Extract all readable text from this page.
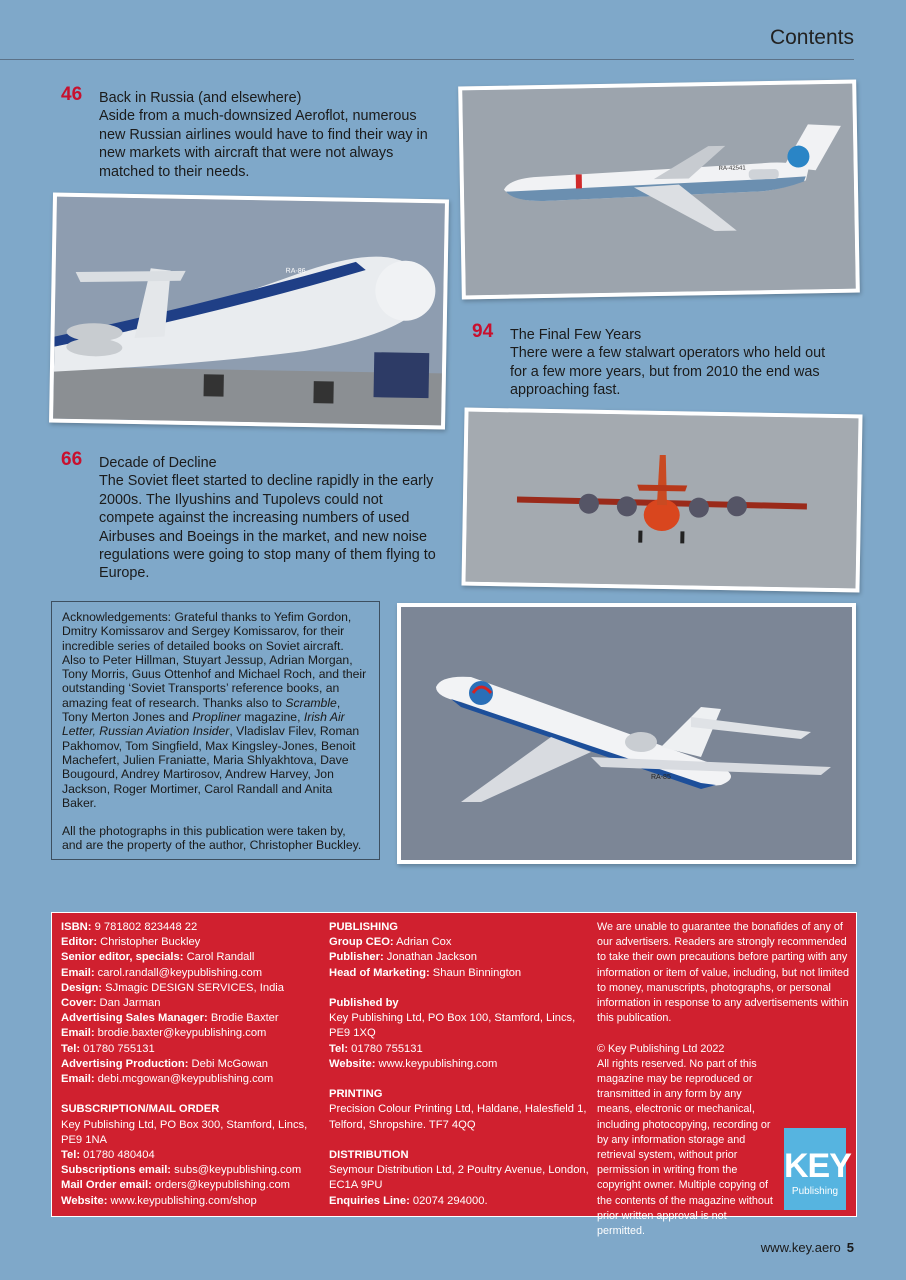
Contents
46 Back in Russia (and elsewhere)
Aside from a much-downsized Aeroflot, numerous new Russian airlines would have to find their way in new markets with aircraft that were not always matched to their needs.	RA-42541
RA-86
94 The Final Few Years
There were a few stalwart operators who held out for a few more years, but from 2010 the end was approaching fast.
66 Decade of Decline
The Soviet fleet started to decline rapidly in the early 2000s. The Ilyushins and Tupolevs could not compete against the increasing numbers of used Airbuses and Boeings in the market, and new noise regulations were going to stop many of them flying to Europe.

Acknowledgements: Grateful thanks to Yefim Gordon, Dmitry Komissarov and Sergey Komissarov, for their incredible series of detailed books on Soviet aircraft. Also to Peter Hillman, Stuyart Jessup, Adrian Morgan, Tony Morris, Guus Ottenhof and Michael Roch, and their outstanding ‘Soviet Transports’ reference books, an amazing feat of research. Thanks also to Scramble, Tony Merton Jones and Propliner magazine, Irish Air Letter, Russian Aviation Insider, Vladislav Filev, Roman Pakhomov, Tom Singfield, Max Kingsley-Jones, Benoit Machefert, Julien Franiatte, Maria Shlyakhtova, Dave Bougourd, Andrey Martirosov, Andrew Harvey, Jon Jackson, Roger Mortimer, Carol Randall and Anita Baker.

All the photographs in this publication were taken by, and are the property of the author, Christopher Buckley.

RA-85
ISBN: 9 781802 823448 22
Editor: Christopher Buckley
Senior editor, specials: Carol Randall
Email: carol.randall@keypublishing.com
Design: SJmagic DESIGN SERVICES, India
Cover: Dan Jarman
Advertising Sales Manager: Brodie Baxter
Email: brodie.baxter@keypublishing.com
Tel: 01780 755131
Advertising Production: Debi McGowan
Email: debi.mcgowan@keypublishing.com
SUBSCRIPTION/MAIL ORDER
Key Publishing Ltd, PO Box 300, Stamford, Lincs, PE9 1NA
Tel: 01780 480404
Subscriptions email: subs@keypublishing.com
Mail Order email: orders@keypublishing.com
Website: www.keypublishing.com/shop
PUBLISHING
Group CEO: Adrian Cox
Publisher: Jonathan Jackson
Head of Marketing: Shaun Binnington
Published by
Key Publishing Ltd, PO Box 100, Stamford, Lincs, PE9 1XQ
Tel: 01780 755131
Website: www.keypublishing.com
PRINTING
Precision Colour Printing Ltd, Haldane, Halesfield 1, Telford, Shropshire. TF7 4QQ
DISTRIBUTION
Seymour Distribution Ltd, 2 Poultry Avenue, London, EC1A 9PU
Enquiries Line: 02074 294000.
We are unable to guarantee the bonafides of any of our advertisers. Readers are strongly recommended to take their own precautions before parting with any information or item of value, including, but not limited to money, manuscripts, photographs, or personal information in response to any advertisements within this publication.
© Key Publishing Ltd 2022
All rights reserved. No part of this magazine may be reproduced or transmitted in any form by any means, electronic or mechanical, including photocopying, recording or by any information storage and retrieval system, without prior permission in writing from the copyright owner. Multiple copying of the contents of the magazine without prior written approval is not permitted.
KEY
Publishing
www.key.aero 5
